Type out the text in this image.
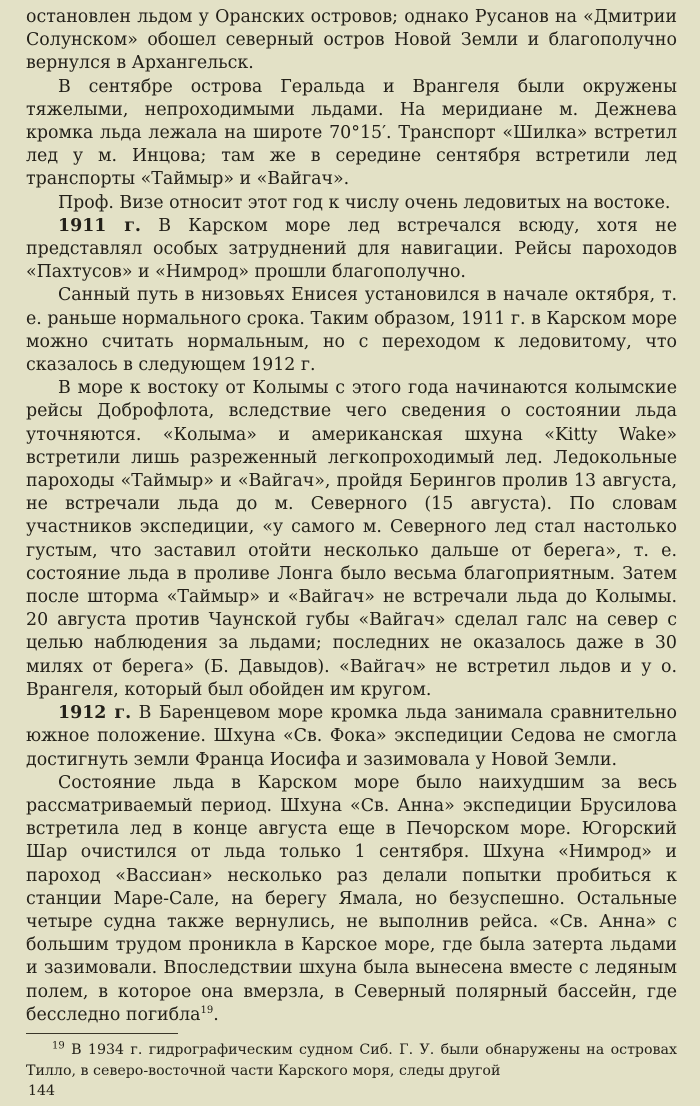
остановлен льдом у Оранских островов; однако Русанов на «Дмитрии Солунском» обошел северный остров Новой Земли и благополучно вернулся в Архангельск.

В сентябре острова Геральда и Врангеля были окружены тяжелыми, непроходимыми льдами. На меридиане м. Дежнева кромка льда лежала на широте 70°15′. Транспорт «Шилка» встретил лед у м. Инцова; там же в середине сентября встретили лед транспорты «Таймыр» и «Вайгач».

Проф. Визе относит этот год к числу очень ледовитых на востоке.

1911 г. В Карском море лед встречался всюду, хотя не представлял особых затруднений для навигации. Рейсы пароходов «Пахтусов» и «Нимрод» прошли благополучно.

Санный путь в низовьях Енисея установился в начале октября, т. е. раньше нормального срока. Таким образом, 1911 г. в Карском море можно считать нормальным, но с переходом к ледовитому, что сказалось в следующем 1912 г.

В море к востоку от Колымы с этого года начинаются колымские рейсы Доброфлота, вследствие чего сведения о состоянии льда уточняются. «Колыма» и американская шхуна «Kitty Wake» встретили лишь разреженный легкопроходимый лед. Ледокольные пароходы «Таймыр» и «Вайгач», пройдя Берингов пролив 13 августа, не встречали льда до м. Северного (15 августа). По словам участников экспедиции, «у самого м. Северного лед стал настолько густым, что заставил отойти несколько дальше от берега», т. е. состояние льда в проливе Лонга было весьма благоприятным. Затем после шторма «Таймыр» и «Вайгач» не встречали льда до Колымы. 20 августа против Чаунской губы «Вайгач» сделал галс на север с целью наблюдения за льдами; последних не оказалось даже в 30 милях от берега» (Б. Давыдов). «Вайгач» не встретил льдов и у о. Врангеля, который был обойден им кругом.

1912 г. В Баренцевом море кромка льда занимала сравнительно южное положение. Шхуна «Св. Фока» экспедиции Седова не смогла достигнуть земли Франца Иосифа и зазимовала у Новой Земли.

Состояние льда в Карском море было наихудшим за весь рассматриваемый период. Шхуна «Св. Анна» экспедиции Брусилова встретила лед в конце августа еще в Печорском море. Югорский Шар очистился от льда только 1 сентября. Шхуна «Нимрод» и пароход «Вассиан» несколько раз делали попытки пробиться к станции Маре-Сале, на берегу Ямала, но безуспешно. Остальные четыре судна также вернулись, не выполнив рейса. «Св. Анна» с большим трудом проникла в Карское море, где была затерта льдами и зазимовали. Впоследствии шхуна была вынесена вместе с ледяным полем, в которое она вмерзла, в Северный полярный бассейн, где бесследно погибла$^{19}$.

$^{19}$ В 1934 г. гидрографическим судном Сиб. Г. У. были обнаружены на островах Тилло, в северо-восточной части Карского моря, следы другой
144
